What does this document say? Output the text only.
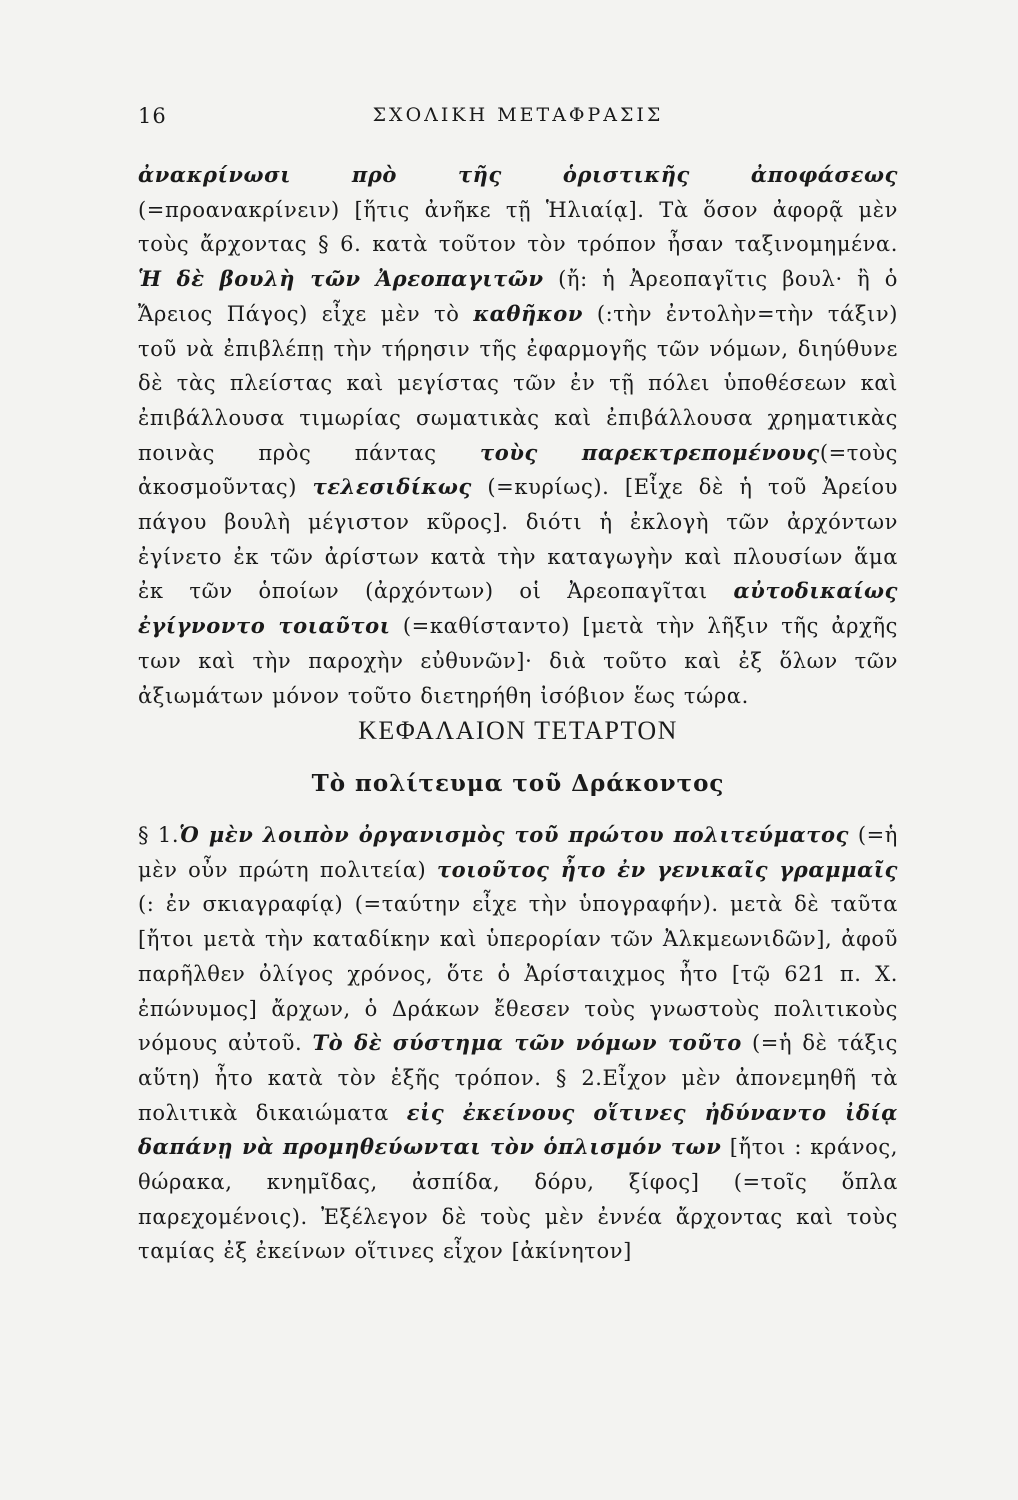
16	ΣΧΟΛΙΚΗ ΜΕΤΑΦΡΑΣΙΣ

ἀνακρίνωσι πρὸ τῆς ὁριστικῆς ἀποφάσεως (=προανακρίνειν) [ἥτις ἀνῆκε τῇ Ἡλιαίᾳ]. Τὰ ὅσον ἀφορᾷ μὲν τοὺς ἄρχοντας § 6. κατὰ τοῦτον τὸν τρόπον ἦσαν ταξινομημένα. Ἡ δὲ βουλὴ τῶν Ἀρεοπαγιτῶν (ἤ: ἡ Ἀρεοπαγῖτις βουλ· ἢ ὁ Ἄρειος Πάγος) εἶχε μὲν τὸ καθῆκον (:τὴν ἐντολὴν=τὴν τάξιν) τοῦ νὰ ἐπιβλέπῃ τὴν τήρησιν τῆς ἐφαρμογῆς τῶν νόμων, διηύθυνε δὲ τὰς πλείστας καὶ μεγίστας τῶν ἐν τῇ πόλει ὑποθέσεων καὶ ἐπιβάλλουσα τιμωρίας σωματικὰς καὶ ἐπιβάλλουσα χρηματικὰς ποινὰς πρὸς πάντας τοὺς παρεκτρεπομένους(=τοὺς ἀκοσμοῦντας) τελεσιδίκως (=κυρίως). [Εἶχε δὲ ἡ τοῦ Ἀρείου πάγου βουλὴ μέγιστον κῦρος]. διότι ἡ ἐκλογὴ τῶν ἀρχόντων ἐγίνετο ἐκ τῶν ἀρίστων κατὰ τὴν καταγωγὴν καὶ πλουσίων ἅμα ἐκ τῶν ὁποίων (ἀρχόντων) οἱ Ἀρεοπαγῖται αὐτοδικαίως ἐγίγνοντο τοιαῦτοι (=καθίσταντο) [μετὰ τὴν λῆξιν τῆς ἀρχῆς των καὶ τὴν παροχὴν εὐθυνῶν]· διὰ τοῦτο καὶ ἐξ ὅλων τῶν ἀξιωμάτων μόνον τοῦτο διετηρήθη ἰσόβιον ἕως τώρα.

ΚΕΦΑΛΑΙΟΝ ΤΕΤΑΡΤΟΝ
Τὸ πολίτευμα τοῦ Δράκοντος

§ 1.Ὁ μὲν λοιπὸν ὀργανισμὸς τοῦ πρώτου πολιτεύματος (=ἡ μὲν οὖν πρώτη πολιτεία) τοιοῦτος ἦτο ἐν γενικαῖς γραμμαῖς (: ἐν σκιαγραφίᾳ) (=ταύτην εἶχε τὴν ὑπογραφήν). μετὰ δὲ ταῦτα [ἤτοι μετὰ τὴν καταδίκην καὶ ὑπερορίαν τῶν Ἀλκμεωνιδῶν], ἀφοῦ παρῆλθεν ὀλίγος χρόνος, ὅτε ὁ Ἀρίσταιχμος ἦτο [τῷ 621 π. Χ. ἐπώνυμος] ἄρχων, ὁ Δράκων ἔθεσεν τοὺς γνωστοὺς πολιτικοὺς νόμους αὐτοῦ. Τὸ δὲ σύστημα τῶν νόμων τοῦτο (=ἡ δὲ τάξις αὕτη) ἦτο κατὰ τὸν ἑξῆς τρόπον. § 2.Εἶχον μὲν ἀπονεμηθῆ τὰ πολιτικὰ δικαιώματα εἰς ἐκείνους οἵτινες ἠδύναντο ἰδίᾳ δαπάνῃ νὰ προμηθεύωνται τὸν ὁπλισμόν των [ἤτοι : κράνος, θώρακα, κνημῖδας, ἀσπίδα, δόρυ, ξίφος] (=τοῖς ὅπλα παρεχομένοις). Ἐξέλεγον δὲ τοὺς μὲν ἐννέα ἄρχοντας καὶ τοὺς ταμίας ἐξ ἐκείνων οἵτινες εἶχον [ἀκίνητον]
